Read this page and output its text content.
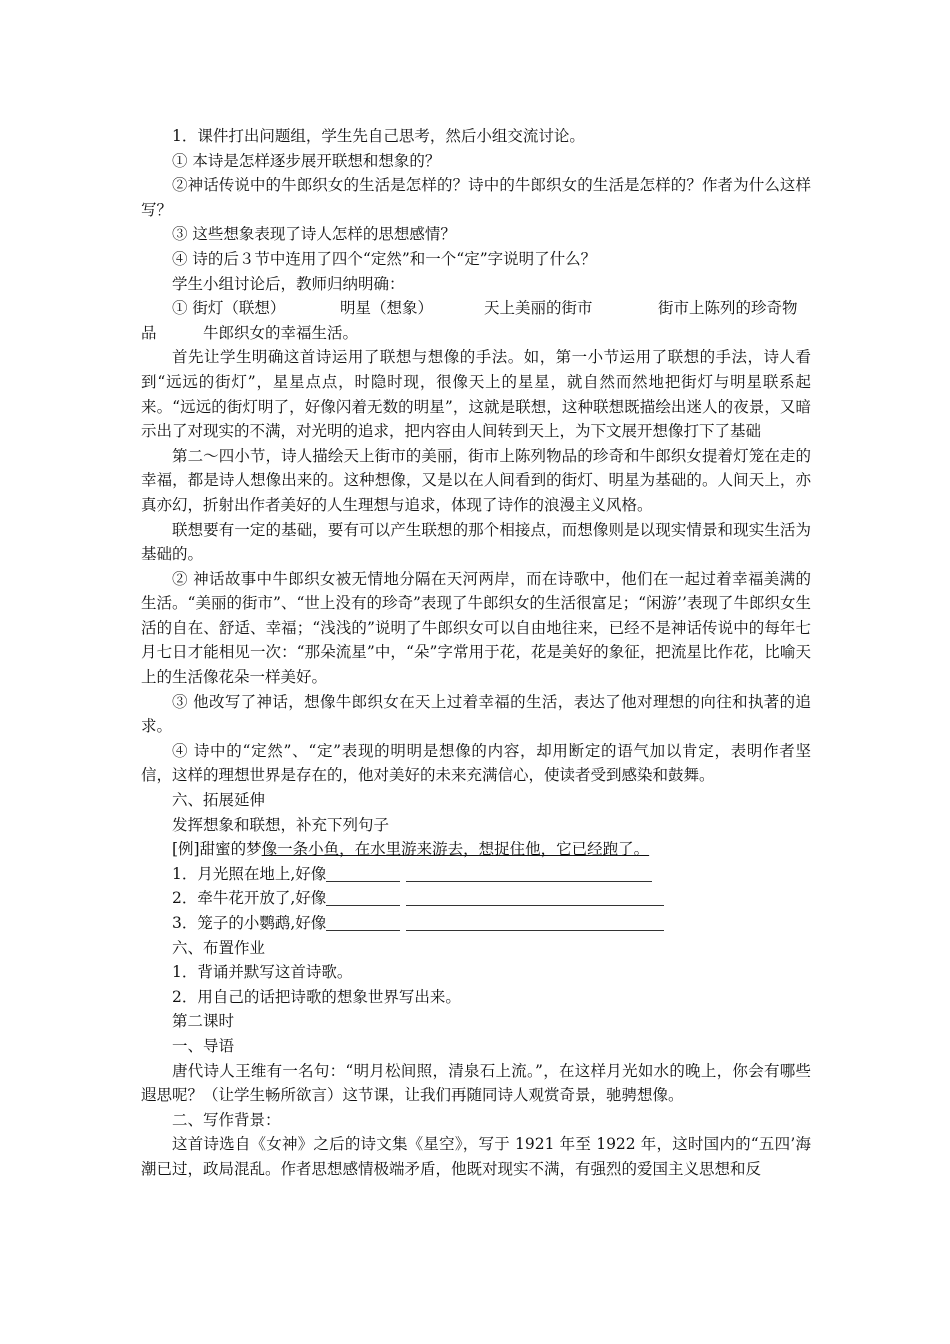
1．课件打出问题组，学生先自己思考，然后小组交流讨论。

① 本诗是怎样逐步展开联想和想象的？

②神话传说中的牛郎织女的生活是怎样的？诗中的牛郎织女的生活是怎样的？作者为什么这样写？

③ 这些想象表现了诗人怎样的思想感情？

④ 诗的后３节中连用了四个“定然”和一个“定”字说明了什么？

学生小组讨论后，教师归纳明确：

① 街灯（联想）	明星（想象）	天上美丽的街市	街市上陈列的珍奇物
品	牛郎织女的幸福生活。

首先让学生明确这首诗运用了联想与想像的手法。如，第一小节运用了联想的手法，诗人看到“远远的街灯”，星星点点，时隐时现，很像天上的星星，就自然而然地把街灯与明星联系起来。“远远的街灯明了，好像闪着无数的明星”，这就是联想，这种联想既描绘出迷人的夜景，又暗示出了对现实的不满，对光明的追求，把内容由人间转到天上，为下文展开想像打下了基础

第二～四小节，诗人描绘天上街市的美丽，街市上陈列物品的珍奇和牛郎织女提着灯笼在走的幸福，都是诗人想像出来的。这种想像，又是以在人间看到的街灯、明星为基础的。人间天上，亦真亦幻，折射出作者美好的人生理想与追求，体现了诗作的浪漫主义风格。

联想要有一定的基础，要有可以产生联想的那个相接点，而想像则是以现实情景和现实生活为基础的。

② 神话故事中牛郎织女被无情地分隔在天河两岸，而在诗歌中，他们在一起过着幸福美满的生活。“美丽的街市”、“世上没有的珍奇”表现了牛郎织女的生活很富足；“闲游’’表现了牛郎织女生活的自在、舒适、幸福；“浅浅的”说明了牛郎织女可以自由地往来，已经不是神话传说中的每年七月七日才能相见一次：“那朵流星”中，“朵”字常用于花，花是美好的象征，把流星比作花，比喻天上的生活像花朵一样美好。

③ 他改写了神话，想像牛郎织女在天上过着幸福的生活，表达了他对理想的向往和执著的追求。

④ 诗中的“定然”、“定”表现的明明是想像的内容，却用断定的语气加以肯定，表明作者坚信，这样的理想世界是存在的，他对美好的未来充满信心，使读者受到感染和鼓舞。

六、拓展延伸

发挥想象和联想，补充下列句子

[例]甜蜜的梦像一条小鱼，在水里游来游去，想捉住他，它已经跑了。

1．月光照在地上,好像

2．牵牛花开放了,好像

3．笼子的小鹦鹉,好像

六、布置作业

1．背诵并默写这首诗歌。

2．用自己的话把诗歌的想象世界写出来。

第二课时

一、导语

唐代诗人王维有一名句：“明月松间照，清泉石上流。”，在这样月光如水的晚上，你会有哪些遐思呢？（让学生畅所欲言）这节课，让我们再随同诗人观赏奇景，驰骋想像。

二、写作背景：

这首诗选自《女神》之后的诗文集《星空》，写于 1921 年至 1922 年，这时国内的“五四’海潮已过，政局混乱。作者思想感情极端矛盾，他既对现实不满，有强烈的爱国主义思想和反
